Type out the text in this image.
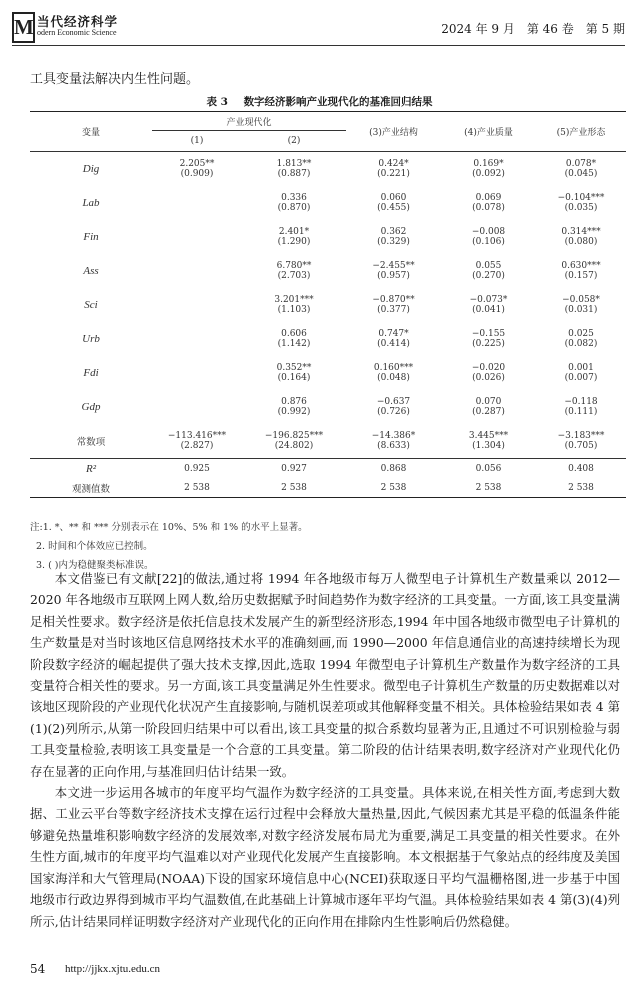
M 当代经济科学
odern Economic Science	2024 年 9 月　第 46 卷　第 5 期
工具变量法解决内生性问题。
表 3 数字经济影响产业现代化的基准回归结果
变量	产业现代化		(3)产业结构	(4)产业质量	(5)产业形态
	(1)	(2)			
Dig	2.205**	1.813**	0.424*	0.169*	0.078*
	(0.909)	(0.887)	(0.221)	(0.092)	(0.045)
Lab		0.336	0.060	0.069	−0.104***
		(0.870)	(0.455)	(0.078)	(0.035)
Fin		2.401*	0.362	−0.008	0.314***
		(1.290)	(0.329)	(0.106)	(0.080)
Ass		6.780**	−2.455**	0.055	0.630***
		(2.703)	(0.957)	(0.270)	(0.157)
Sci		3.201***	−0.870**	−0.073*	−0.058*
		(1.103)	(0.377)	(0.041)	(0.031)
Urb		0.606	0.747*	−0.155	0.025
		(1.142)	(0.414)	(0.225)	(0.082)
Fdi		0.352**	0.160***	−0.020	0.001
		(0.164)	(0.048)	(0.026)	(0.007)
Gdp		0.876	−0.637	0.070	−0.118
		(0.992)	(0.726)	(0.287)	(0.111)
常数项	−113.416***	−196.825***	−14.386*	3.445***	−3.183***
	(2.827)	(24.802)	(8.633)	(1.304)	(0.705)
R²	0.925	0.927	0.868	0.056	0.408
观测值数	2 538	2 538	2 538	2 538	2 538
注:1. *、** 和 *** 分别表示在 10%、5% 和 1% 的水平上显著。
2. 时间和个体效应已控制。
3. ( )内为稳健聚类标准误。

本文借鉴已有文献[22]的做法,通过将 1994 年各地级市每万人微型电子计算机生产数量乘以 2012—2020 年各地级市互联网上网人数,给历史数据赋予时间趋势作为数字经济的工具变量。一方面,该工具变量满足相关性要求。数字经济是依托信息技术发展产生的新型经济形态,1994 年中国各地级市微型电子计算机的生产数量是对当时该地区信息网络技术水平的准确刻画,而 1990—2000 年信息通信业的高速持续增长为现阶段数字经济的崛起提供了强大技术支撑,因此,选取 1994 年微型电子计算机生产数量作为数字经济的工具变量符合相关性的要求。另一方面,该工具变量满足外生性要求。微型电子计算机生产数量的历史数据难以对该地区现阶段的产业现代化状况产生直接影响,与随机误差项或其他解释变量不相关。具体检验结果如表 4 第(1)(2)列所示,从第一阶段回归结果中可以看出,该工具变量的拟合系数均显著为正,且通过不可识别检验与弱工具变量检验,表明该工具变量是一个合意的工具变量。第二阶段的估计结果表明,数字经济对产业现代化仍存在显著的正向作用,与基准回归估计结果一致。

本文进一步运用各城市的年度平均气温作为数字经济的工具变量。具体来说,在相关性方面,考虑到大数据、工业云平台等数字经济技术支撑在运行过程中会释放大量热量,因此,气候因素尤其是平稳的低温条件能够避免热量堆积影响数字经济的发展效率,对数字经济发展布局尤为重要,满足工具变量的相关性要求。在外生性方面,城市的年度平均气温难以对产业现代化发展产生直接影响。本文根据基于气象站点的经纬度及美国国家海洋和大气管理局(NOAA)下设的国家环境信息中心(NCEI)获取逐日平均气温栅格图,进一步基于中国地级市行政边界得到城市平均气温数值,在此基础上计算城市逐年平均气温。具体检验结果如表 4 第(3)(4)列所示,估计结果同样证明数字经济对产业现代化的正向作用在排除内生性影响后仍然稳健。

54 http://jjkx.xjtu.edu.cn
